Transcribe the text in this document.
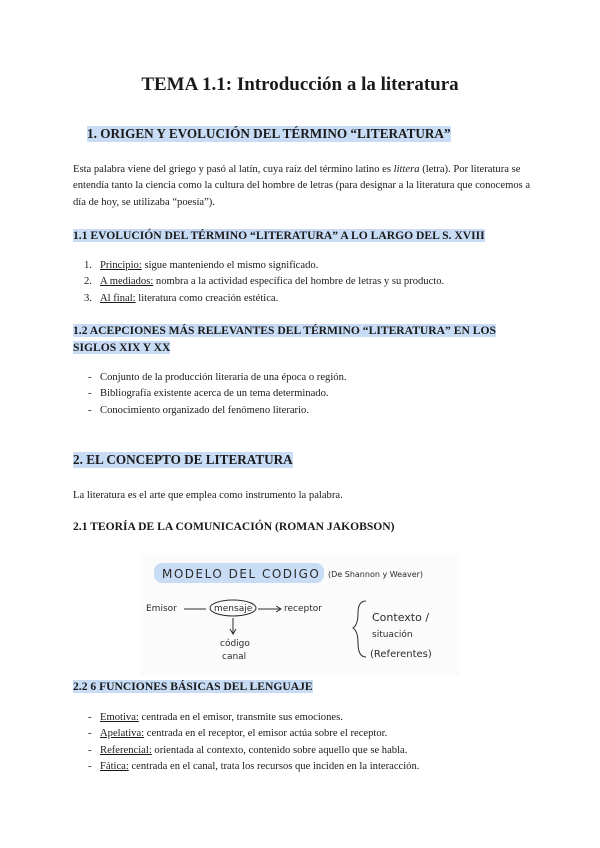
TEMA 1.1: Introducción a la literatura
1. ORIGEN Y EVOLUCIÓN DEL TÉRMINO “LITERATURA”

Esta palabra viene del griego y pasó al latín, cuya raíz del término latino es littera (letra). Por literatura se entendía tanto la ciencia como la cultura del hombre de letras (para designar a la literatura que conocemos a día de hoy, se utilizaba “poesía”).

1.1 EVOLUCIÓN DEL TÉRMINO “LITERATURA” A LO LARGO DEL S. XVIII
1. Principio: sigue manteniendo el mismo significado.
2. A mediados: nombra a la actividad específica del hombre de letras y su producto.
3. Al final: literatura como creación estética.
1.2 ACEPCIONES MÁS RELEVANTES DEL TÉRMINO “LITERATURA” EN LOS
SIGLOS XIX Y XX
- Conjunto de la producción literaria de una época o región.
- Bibliografía existente acerca de un tema determinado.
- Conocimiento organizado del fenómeno literario.
2. EL CONCEPTO DE LITERATURA

La literatura es el arte que emplea como instrumento la palabra.

2.1 TEORÍA DE LA COMUNICACIÓN (ROMAN JAKOBSON)
MODELO DEL CODIGO (De Shannon y Weaver)
Emisor	mensaje	receptor
código
canal
Contexto /
situación
(Referentes)
2.2 6 FUNCIONES BÁSICAS DEL LENGUAJE
- Emotiva: centrada en el emisor, transmite sus emociones.
- Apelativa: centrada en el receptor, el emisor actúa sobre el receptor.
- Referencial: orientada al contexto, contenido sobre aquello que se habla.
- Fática: centrada en el canal, trata los recursos que inciden en la interacción.
